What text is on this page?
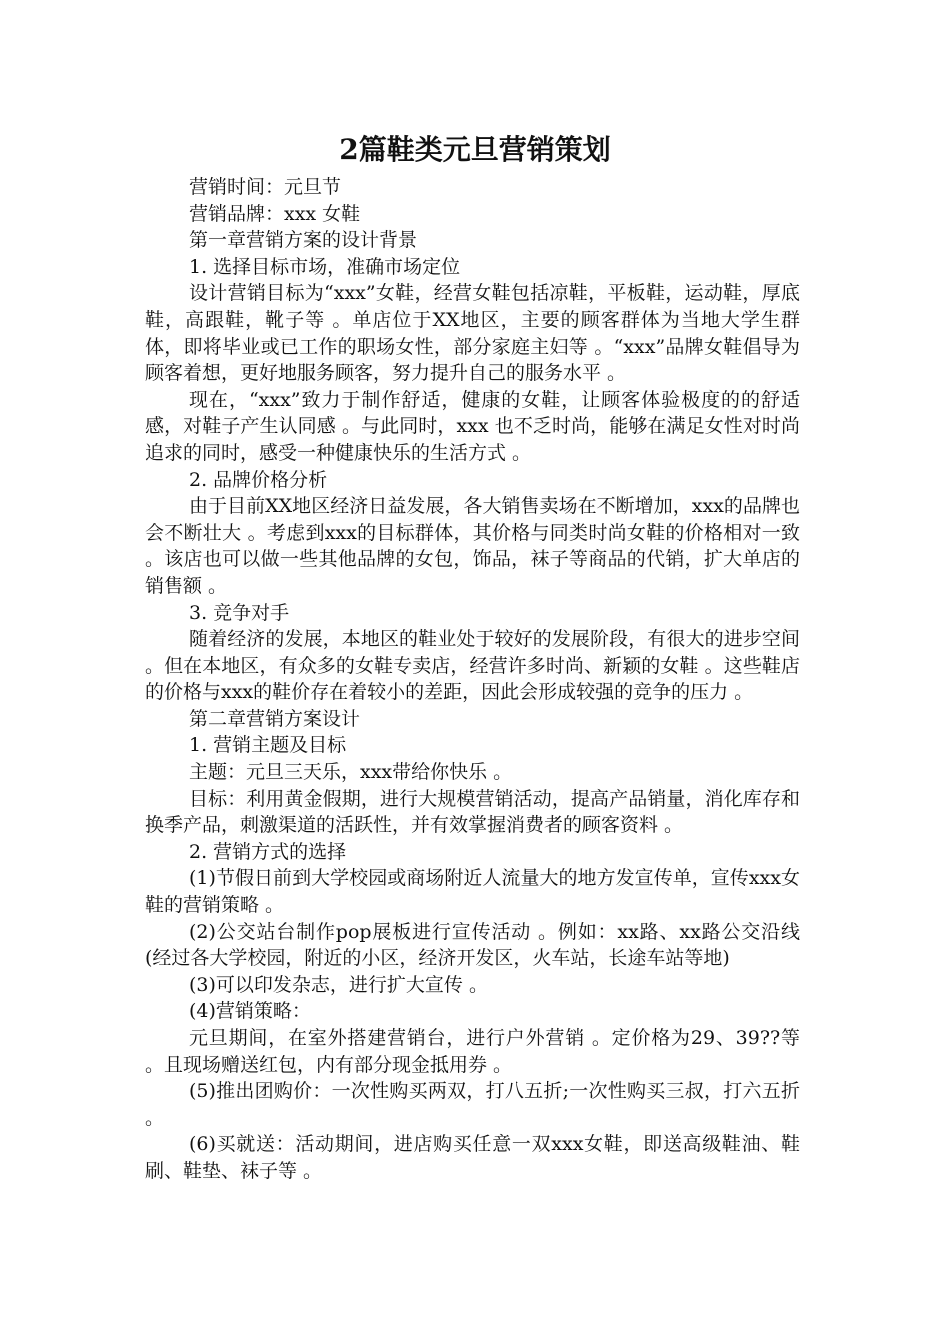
2篇鞋类元旦营销策划

营销时间：元旦节

营销品牌：xxx 女鞋

第一章营销方案的设计背景

1. 选择目标市场，准确市场定位

设计营销目标为“xxx”女鞋，经营女鞋包括凉鞋，平板鞋，运动鞋，厚底鞋，高跟鞋，靴子等 。单店位于XX地区，主要的顾客群体为当地大学生群体，即将毕业或已工作的职场女性，部分家庭主妇等 。“xxx”品牌女鞋倡导为顾客着想，更好地服务顾客，努力提升自己的服务水平 。

现在，“xxx”致力于制作舒适，健康的女鞋，让顾客体验极度的的舒适感，对鞋子产生认同感 。与此同时，xxx 也不乏时尚，能够在满足女性对时尚追求的同时，感受一种健康快乐的生活方式 。

2. 品牌价格分析

由于目前XX地区经济日益发展，各大销售卖场在不断增加，xxx的品牌也会不断壮大 。考虑到xxx的目标群体，其价格与同类时尚女鞋的价格相对一致 。该店也可以做一些其他品牌的女包，饰品，袜子等商品的代销，扩大单店的销售额 。

3. 竞争对手

随着经济的发展，本地区的鞋业处于较好的发展阶段，有很大的进步空间 。但在本地区，有众多的女鞋专卖店，经营许多时尚、新颖的女鞋 。这些鞋店的价格与xxx的鞋价存在着较小的差距，因此会形成较强的竞争的压力 。

第二章营销方案设计

1. 营销主题及目标

主题：元旦三天乐，xxx带给你快乐 。

目标：利用黄金假期，进行大规模营销活动，提高产品销量，消化库存和换季产品，刺激渠道的活跃性，并有效掌握消费者的顾客资料 。

2. 营销方式的选择

(1)节假日前到大学校园或商场附近人流量大的地方发宣传单，宣传xxx女鞋的营销策略 。

(2)公交站台制作pop展板进行宣传活动 。例如：xx路、xx路公交沿线(经过各大学校园，附近的小区，经济开发区，火车站，长途车站等地)

(3)可以印发杂志，进行扩大宣传 。

(4)营销策略：

元旦期间，在室外搭建营销台，进行户外营销 。定价格为29、39??等 。且现场赠送红包，内有部分现金抵用券 。

(5)推出团购价：一次性购买两双，打八五折;一次性购买三叔，打六五折 。

(6)买就送：活动期间，进店购买任意一双xxx女鞋，即送高级鞋油、鞋刷、鞋垫、袜子等 。
